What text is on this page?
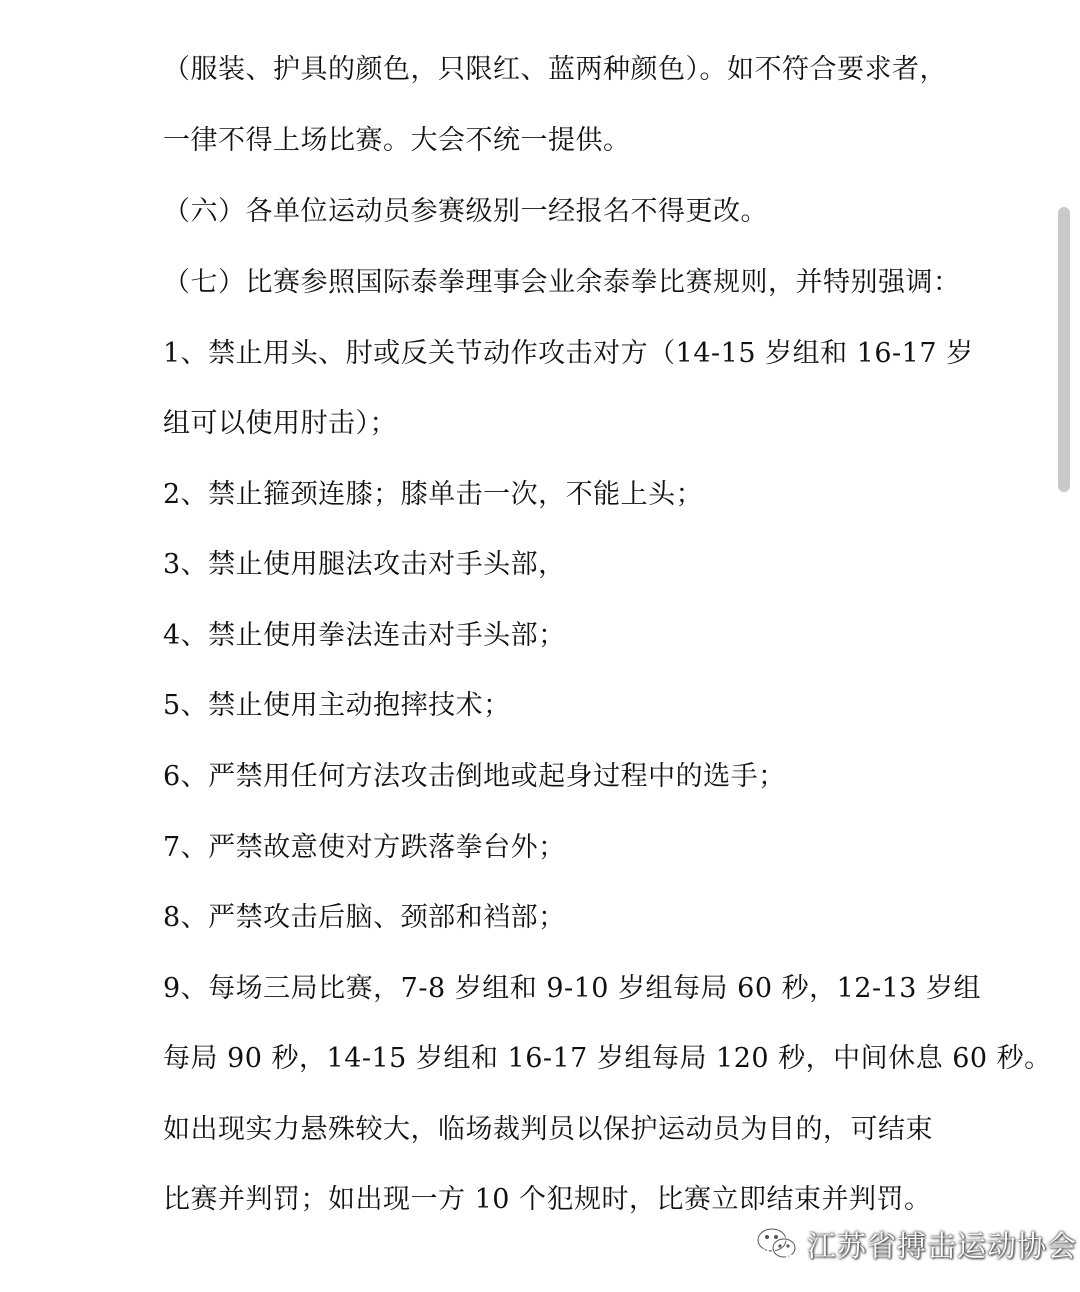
（服装、护具的颜色，只限红、蓝两种颜色）。如不符合要求者，
一律不得上场比赛。大会不统一提供。
（六）各单位运动员参赛级别一经报名不得更改。
（七）比赛参照国际泰拳理事会业余泰拳比赛规则，并特别强调：
1、禁止用头、肘或反关节动作攻击对方（14-15 岁组和 16-17 岁
组可以使用肘击）；
2、禁止箍颈连膝；膝单击一次，不能上头；
3、禁止使用腿法攻击对手头部，
4、禁止使用拳法连击对手头部；
5、禁止使用主动抱摔技术；
6、严禁用任何方法攻击倒地或起身过程中的选手；
7、严禁故意使对方跌落拳台外；
8、严禁攻击后脑、颈部和裆部；
9、每场三局比赛，7-8 岁组和 9-10 岁组每局 60 秒，12-13 岁组
每局 90 秒，14-15 岁组和 16-17 岁组每局 120 秒，中间休息 60 秒。
如出现实力悬殊较大，临场裁判员以保护运动员为目的，可结束
比赛并判罚；如出现一方 10 个犯规时，比赛立即结束并判罚。
江苏省搏击运动协会
